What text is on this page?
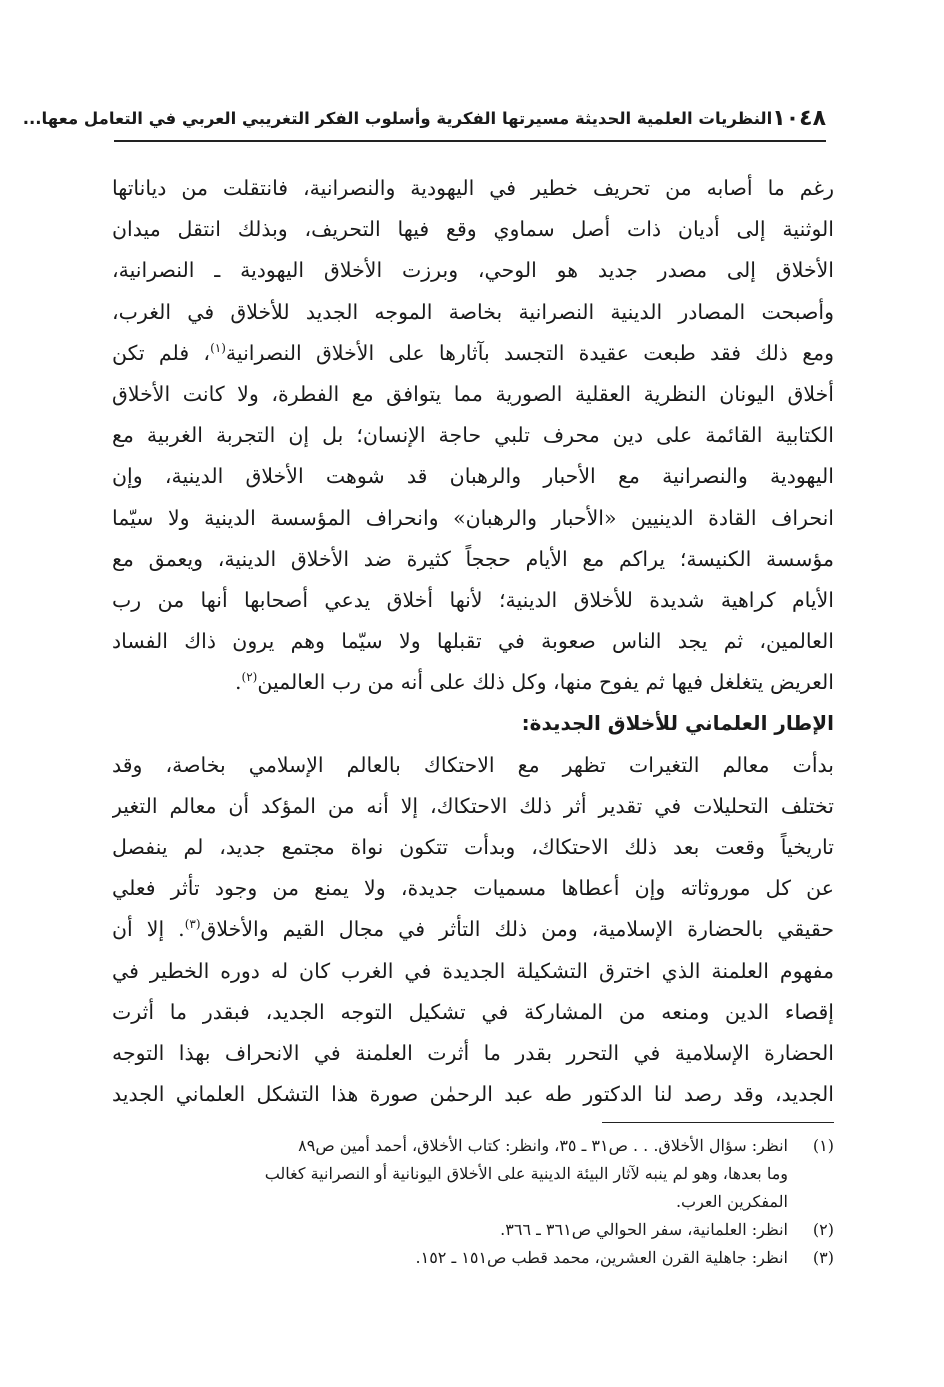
١٠٤٨
النظريات العلمية الحديثة مسيرتها الفكرية وأسلوب الفكر التغريبي العربي في التعامل معها...
رغم ما أصابه من تحريف خطير في اليهودية والنصرانية، فانتقلت من دياناتها
الوثنية إلى أديان ذات أصل سماوي وقع فيها التحريف، وبذلك انتقل ميدان
الأخلاق إلى مصدر جديد هو الوحي، وبرزت الأخلاق اليهودية ـ النصرانية،
وأصبحت المصادر الدينية النصرانية بخاصة الموجه الجديد للأخلاق في الغرب،
ومع ذلك فقد طبعت عقيدة التجسد بآثارها على الأخلاق النصرانية$^{(١)}$، فلم تكن
أخلاق اليونان النظرية العقلية الصورية مما يتوافق مع الفطرة، ولا كانت الأخلاق
الكتابية القائمة على دين محرف تلبي حاجة الإنسان؛ بل إن التجربة الغربية مع
اليهودية والنصرانية مع الأحبار والرهبان قد شوهت الأخلاق الدينية، وإن
انحراف القادة الدينيين «الأحبار والرهبان» وانحراف المؤسسة الدينية ولا سيّما
مؤسسة الكنيسة؛ يراكم مع الأيام حججاً كثيرة ضد الأخلاق الدينية، ويعمق مع
الأيام كراهية شديدة للأخلاق الدينية؛ لأنها أخلاق يدعي أصحابها أنها من رب
العالمين، ثم يجد الناس صعوبة في تقبلها ولا سيّما وهم يرون ذاك الفساد
العريض يتغلغل فيها ثم يفوح منها، وكل ذلك على أنه من رب العالمين$^{(٢)}$.
الإطار العلماني للأخلاق الجديدة:
بدأت معالم التغيرات تظهر مع الاحتكاك بالعالم الإسلامي بخاصة، وقد
تختلف التحليلات في تقدير أثر ذلك الاحتكاك، إلا أنه من المؤكد أن معالم التغير
تاريخياً وقعت بعد ذلك الاحتكاك، وبدأت تتكون نواة مجتمع جديد، لم ينفصل
عن كل موروثاته وإن أعطاها مسميات جديدة، ولا يمنع من وجود تأثر فعلي
حقيقي بالحضارة الإسلامية، ومن ذلك التأثر في مجال القيم والأخلاق$^{(٣)}$. إلا أن
مفهوم العلمنة الذي اخترق التشكيلة الجديدة في الغرب كان له دوره الخطير في
إقصاء الدين ومنعه من المشاركة في تشكيل التوجه الجديد، فبقدر ما أثرت
الحضارة الإسلامية في التحرر بقدر ما أثرت العلمنة في الانحراف بهذا التوجه
الجديد، وقد رصد لنا الدكتور طه عبد الرحمٰن صورة هذا التشكل العلماني الجديد
(١)
انظر: سؤال الأخلاق. . . ص٣١ ـ ٣٥، وانظر: كتاب الأخلاق، أحمد أمين ص٨٩
وما بعدها، وهو لم ينبه لآثار البيئة الدينية على الأخلاق اليونانية أو النصرانية كغالب
المفكرين العرب.
(٢)
انظر: العلمانية، سفر الحوالي ص٣٦١ ـ ٣٦٦.
(٣)
انظر: جاهلية القرن العشرين، محمد قطب ص١٥١ ـ ١٥٢.
